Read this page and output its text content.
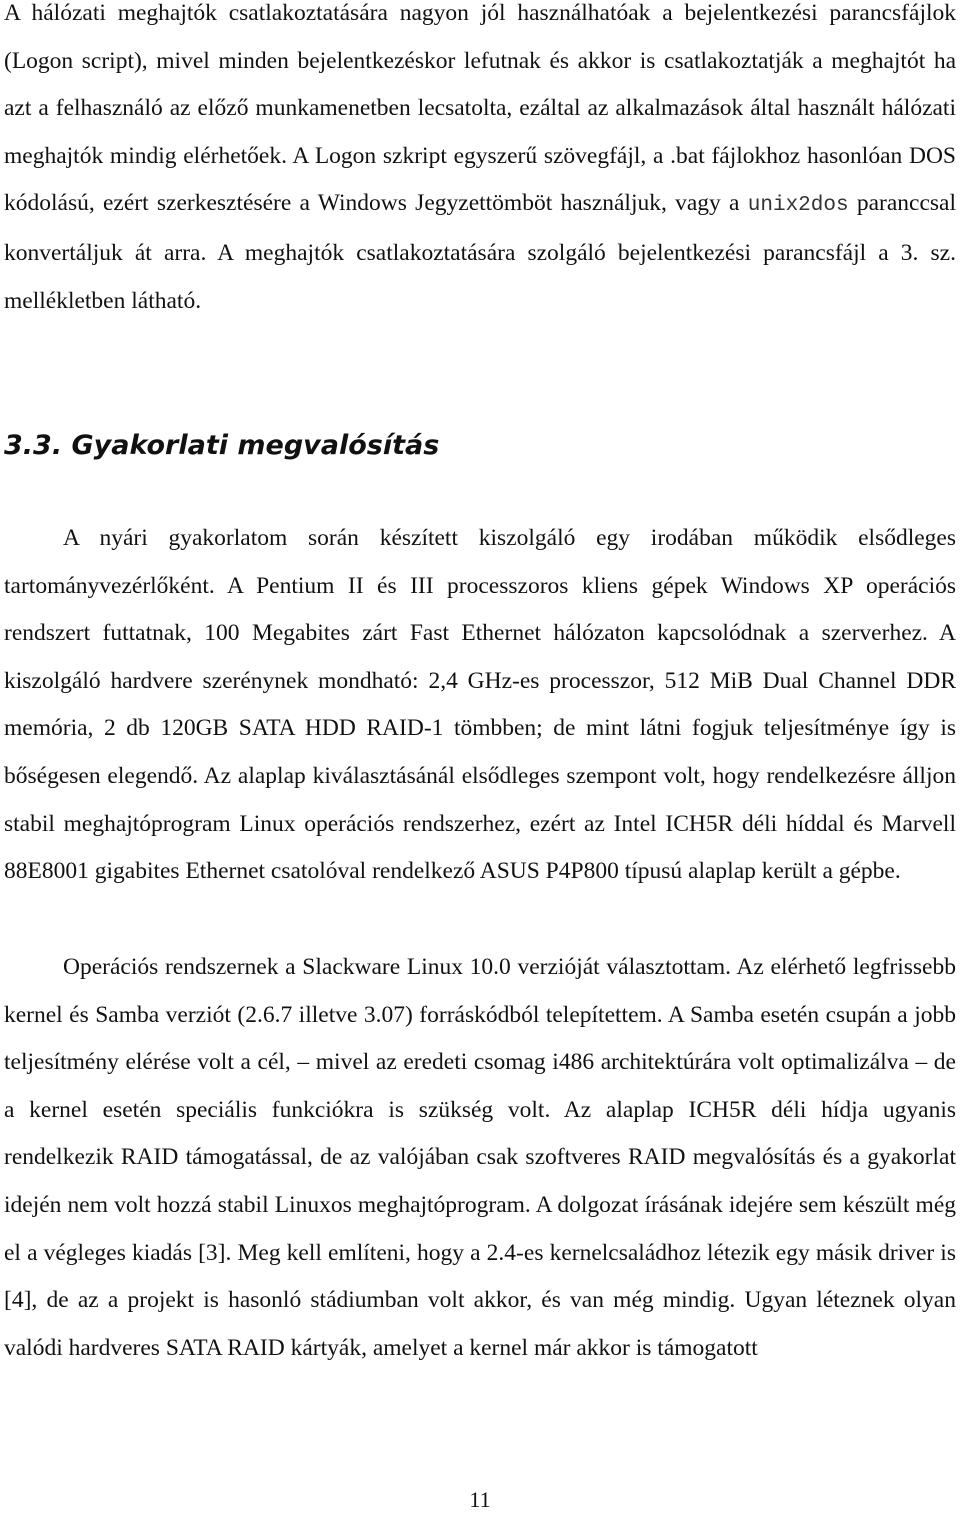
A hálózati meghajtók csatlakoztatására nagyon jól használhatóak a bejelentkezési parancsfájlok (Logon script), mivel minden bejelentkezéskor lefutnak és akkor is csatlakoztatják a meghajtót ha azt a felhasználó az előző munkamenetben lecsatolta, ezáltal az alkalmazások által használt hálózati meghajtók mindig elérhetőek. A Logon szkript egyszerű szövegfájl, a .bat fájlokhoz hasonlóan DOS kódolású, ezért szerkesztésére a Windows Jegyzettömböt használjuk, vagy a unix2dos paranccsal konvertáljuk át arra. A meghajtók csatlakoztatására szolgáló bejelentkezési parancsfájl a 3. sz. mellékletben látható.

3.3. Gyakorlati megvalósítás

A nyári gyakorlatom során készített kiszolgáló egy irodában működik elsődleges tartományvezérlőként. A Pentium II és III processzoros kliens gépek Windows XP operációs rendszert futtatnak, 100 Megabites zárt Fast Ethernet hálózaton kapcsolódnak a szerverhez. A kiszolgáló hardvere szerénynek mondható: 2,4 GHz-es processzor, 512 MiB Dual Channel DDR memória, 2 db 120GB SATA HDD RAID-1 tömbben; de mint látni fogjuk teljesítménye így is bőségesen elegendő. Az alaplap kiválasztásánál elsődleges szempont volt, hogy rendelkezésre álljon stabil meghajtóprogram Linux operációs rendszerhez, ezért az Intel ICH5R déli híddal és Marvell 88E8001 gigabites Ethernet csatolóval rendelkező ASUS P4P800 típusú alaplap került a gépbe.

Operációs rendszernek a Slackware Linux 10.0 verzióját választottam. Az elérhető legfrissebb kernel és Samba verziót (2.6.7 illetve 3.07) forráskódból telepítettem. A Samba esetén csupán a jobb teljesítmény elérése volt a cél, – mivel az eredeti csomag i486 architektúrára volt optimalizálva – de a kernel esetén speciális funkciókra is szükség volt. Az alaplap ICH5R déli hídja ugyanis rendelkezik RAID támogatással, de az valójában csak szoftveres RAID megvalósítás és a gyakorlat idején nem volt hozzá stabil Linuxos meghajtóprogram. A dolgozat írásának idejére sem készült még el a végleges kiadás [3]. Meg kell említeni, hogy a 2.4-es kernelcsaládhoz létezik egy másik driver is [4], de az a projekt is hasonló stádiumban volt akkor, és van még mindig. Ugyan léteznek olyan valódi hardveres SATA RAID kártyák, amelyet a kernel már akkor is támogatott

11
